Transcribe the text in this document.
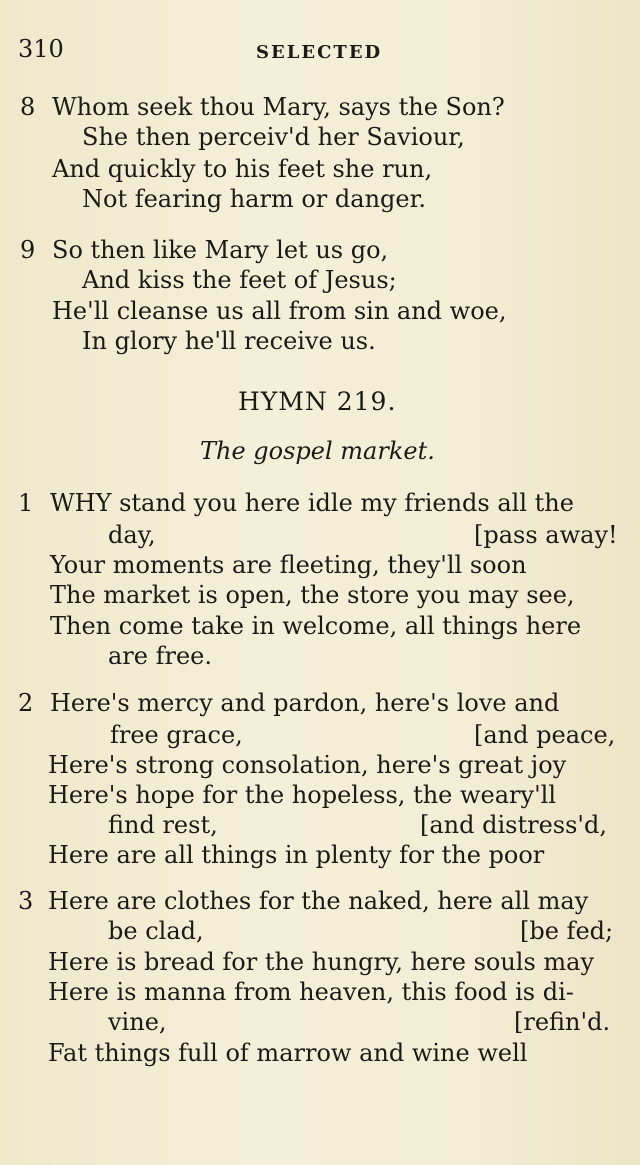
310	SELECTED
8 Whom seek thou Mary, says the Son?
She then perceiv'd her Saviour,
And quickly to his feet she run,
Not fearing harm or danger.
9 So then like Mary let us go,
And kiss the feet of Jesus;
He'll cleanse us all from sin and woe,
In glory he'll receive us.
HYMN 219.
The gospel market.
1 WHY stand you here idle my friends all the
day,	[pass away!
Your moments are fleeting, they'll soon
The market is open, the store you may see,
Then come take in welcome, all things here
are free.
2 Here's mercy and pardon, here's love and
free grace,	[and peace,
Here's strong consolation, here's great joy
Here's hope for the hopeless, the weary'll
find rest,	[and distress'd,
Here are all things in plenty for the poor
3 Here are clothes for the naked, here all may
be clad,	[be fed;
Here is bread for the hungry, here souls may
Here is manna from heaven, this food is di-
vine,	[refin'd.
Fat things full of marrow and wine well
